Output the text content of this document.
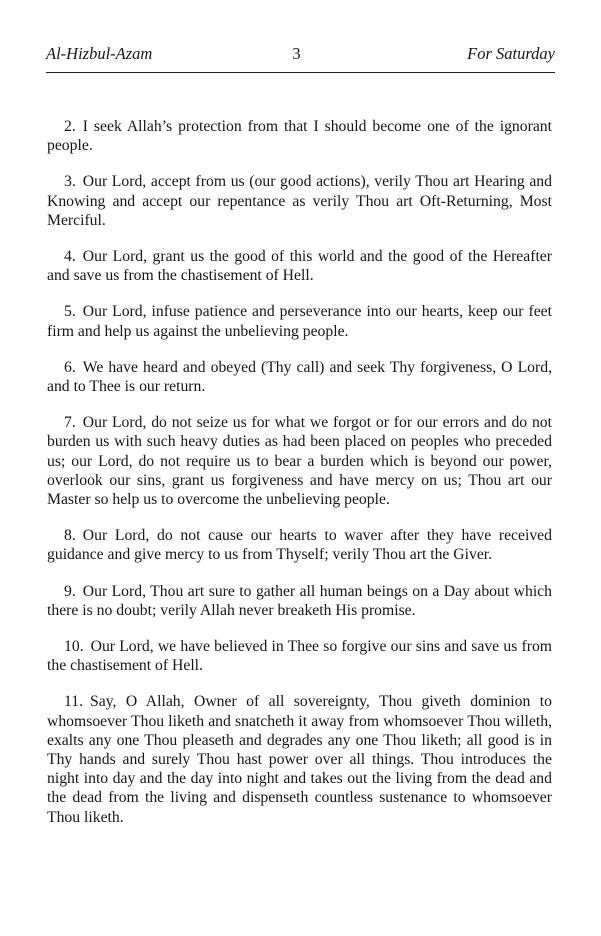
Al-Hizbul-Azam	3	For Saturday

2. I seek Allah’s protection from that I should become one of the ignorant people.

3. Our Lord, accept from us (our good actions), verily Thou art Hearing and Knowing and accept our repentance as verily Thou art Oft-Returning, Most Merciful.

4. Our Lord, grant us the good of this world and the good of the Hereafter and save us from the chastisement of Hell.

5. Our Lord, infuse patience and perseverance into our hearts, keep our feet firm and help us against the unbelieving people.

6. We have heard and obeyed (Thy call) and seek Thy forgiveness, O Lord, and to Thee is our return.

7. Our Lord, do not seize us for what we forgot or for our errors and do not burden us with such heavy duties as had been placed on peoples who preceded us; our Lord, do not require us to bear a burden which is beyond our power, overlook our sins, grant us forgiveness and have mercy on us; Thou art our Master so help us to overcome the unbelieving people.

8. Our Lord, do not cause our hearts to waver after they have received guidance and give mercy to us from Thyself; verily Thou art the Giver.

9. Our Lord, Thou art sure to gather all human beings on a Day about which there is no doubt; verily Allah never breaketh His promise.

10. Our Lord, we have believed in Thee so forgive our sins and save us from the chastisement of Hell.

11. Say, O Allah, Owner of all sovereignty, Thou giveth dominion to whomsoever Thou liketh and snatcheth it away from whomsoever Thou willeth, exalts any one Thou pleaseth and degrades any one Thou liketh; all good is in Thy hands and surely Thou hast power over all things. Thou introduces the night into day and the day into night and takes out the living from the dead and the dead from the living and dispenseth countless sustenance to whomsoever Thou liketh.
